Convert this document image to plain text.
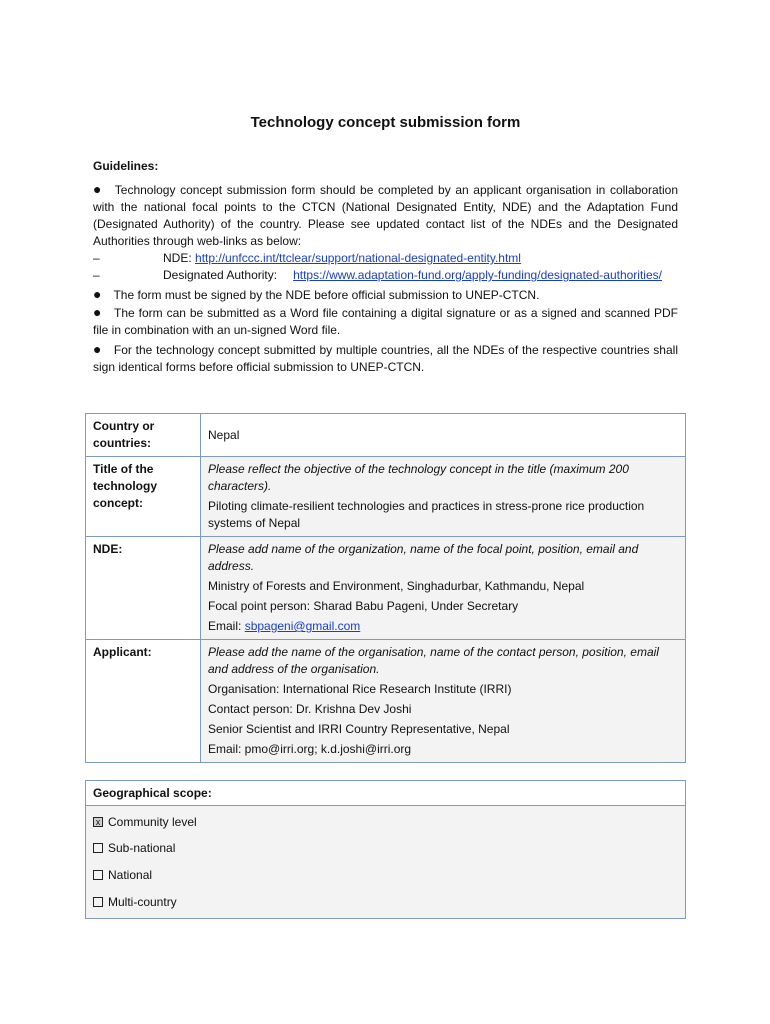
Technology concept submission form
Guidelines:
● Technology concept submission form should be completed by an applicant organisation in collaboration with the national focal points to the CTCN (National Designated Entity, NDE) and the Adaptation Fund (Designated Authority) of the country. Please see updated contact list of the NDEs and the Designated Authorities through web-links as below:
–	NDE:
http://unfccc.int/ttclear/support/national-designated-entity.html
–	Designated Authority: https://www.adaptation-fund.org/apply-funding/designated-authorities/
● The form must be signed by the NDE before official submission to UNEP-CTCN.
● The form can be submitted as a Word file containing a digital signature or as a signed and scanned PDF file in combination with an un-signed Word file.
● For the technology concept submitted by multiple countries, all the NDEs of the respective countries shall sign identical forms before official submission to UNEP-CTCN.
Country or countries:	Nepal
Title of the technology concept:	Please reflect the objective of the technology concept in the title (maximum 200 characters).
Piloting climate-resilient technologies and practices in stress-prone rice production systems of Nepal

NDE:	Please add name of the organization, name of the focal point, position, email and address.
Ministry of Forests and Environment, Singhadurbar, Kathmandu, Nepal
Focal point person: Sharad Babu Pageni, Under Secretary
Email: sbpageni@gmail.com

Applicant:	Please add the name of the organisation, name of the contact person, position, email and address of the organisation.
Organisation: International Rice Research Institute (IRRI)
Contact person: Dr. Krishna Dev Joshi
Senior Scientist and IRRI Country Representative, Nepal
Email: pmo@irri.org; k.d.joshi@irri.org
Geographical scope:
x Community level
Sub-national
National
Multi-country
